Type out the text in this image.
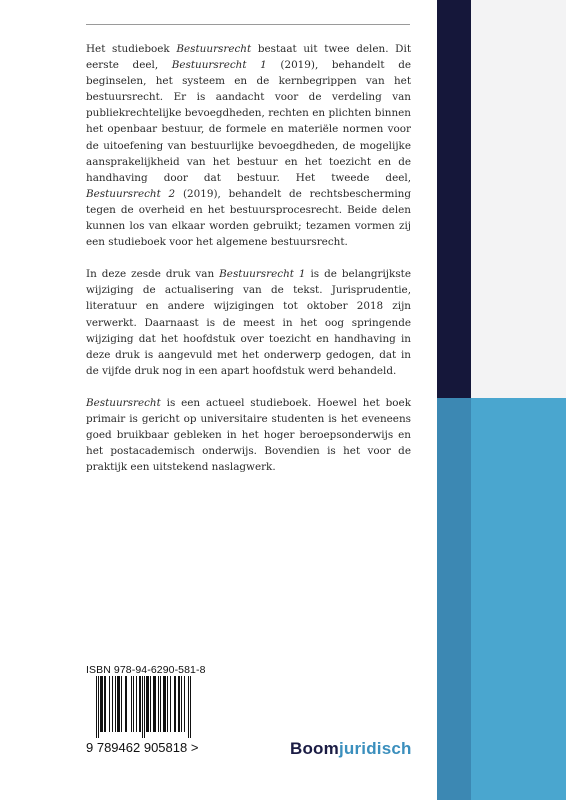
Het studieboek Bestuursrecht bestaat uit twee delen. Dit eerste deel, Bestuursrecht 1 (2019), behandelt de beginselen, het systeem en de kernbegrippen van het bestuursrecht. Er is aandacht voor de verdeling van publiekrechtelijke bevoegdheden, rechten en plichten binnen het openbaar bestuur, de formele en materiële normen voor de uitoefening van bestuurlijke bevoegdheden, de mogelijke aansprakelijkheid van het bestuur en het toezicht en de handhaving door dat bestuur. Het tweede deel, Bestuursrecht 2 (2019), behandelt de rechtsbescherming tegen de overheid en het bestuursprocesrecht. Beide delen kunnen los van elkaar worden gebruikt; tezamen vormen zij een studieboek voor het algemene bestuursrecht.

In deze zesde druk van Bestuursrecht 1 is de belangrijkste wijziging de actualisering van de tekst. Jurisprudentie, literatuur en andere wijzigingen tot oktober 2018 zijn verwerkt. Daarnaast is de meest in het oog springende wijziging dat het hoofdstuk over toezicht en handhaving in deze druk is aangevuld met het onderwerp gedogen, dat in de vijfde druk nog in een apart hoofdstuk werd behandeld.

Bestuursrecht is een actueel studieboek. Hoewel het boek primair is gericht op universitaire studenten is het eveneens goed bruikbaar gebleken in het hoger beroepsonderwijs en het postacademisch onderwijs. Bovendien is het voor de praktijk een uitstekend naslagwerk.

ISBN 978-94-6290-581-8
9 789462 905818 >	Boomjuridisch
